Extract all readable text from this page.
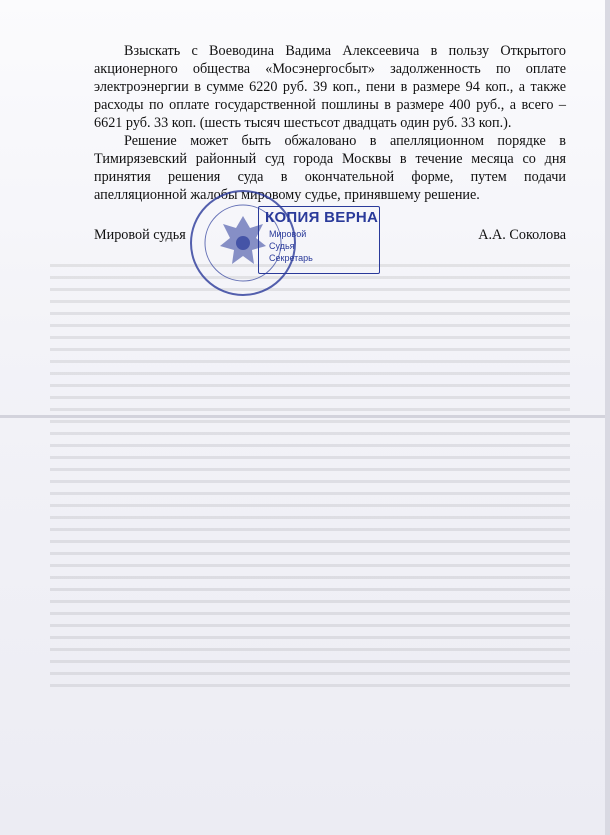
Взыскать с Воеводина Вадима Алексеевича в пользу Открытого акционерного общества «Мосэнергосбыт» задолженность по оплате электроэнергии в сумме 6220 руб. 39 коп., пени в размере 94 коп., а также расходы по оплате государственной пошлины в размере 400 руб., а всего – 6621 руб. 33 коп. (шесть тысяч шестьсот двадцать один руб. 33 коп.).

Решение может быть обжаловано в апелляционном порядке в Тимирязевский районный суд города Москвы в течение месяца со дня принятия решения суда в окончательной форме, путем подачи апелляционной жалобы мировому судье, принявшему решение.

Мировой судья	А.А. Соколова
КОПИЯ ВЕРНА
Мировой
Судья
Секретарь
